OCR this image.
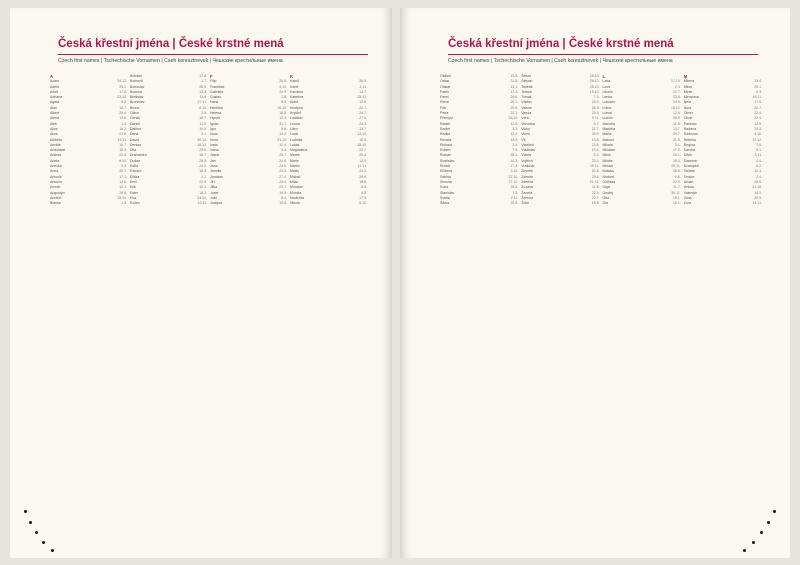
Česká křestní jména | České krstné mená
Czech first names | Tschechische Vornamen | Cseh keresztnevek | Чешские крестильные имена
A
Adam	24.12.
Adéla	25.1.
Adolf	17.6.
Adriana	23.10.
Agáta	5.2.
Alan	16.7.
Albert	20.4.
Alena	13.8.
Aleš	1.4.
Alice	16.2.
Alois	21.6.
Alžběta	19.11.
Amálie	10.7.
Anastázie	15.4.
Andrea	22.6.
Aneta	6.10.
Anežka	2.3.
Anna	26.7.
Antonie	17.1.
Antonín	13.6.
Arnošt	12.1.
Augustýn	28.8.
Aurelie	15.10.
Blanka	1.8.
Bohdan	17.8.
Bohumil	1.7.
Bohuslav	28.9.
Božena	13.3.
Břetislav	11.4.
Bronislav	27.11.
Bruno	6.10.
Ctibor	3.5.
Čeněk	18.7.
Daniel	11.9.
Dalibor	19.5.
Dana	3.1.
David	30.12.
Denisa	16.12.
Dita	29.6.
Drahomíra	18.7.
Dušan	28.5.
Edita	24.2.
Eduard	18.3.
Eliška	1.1.
Emil	22.5.
Erik	10.1.
Ester	15.3.
Eva	24.12.
Evžen	13.11.
F
Filip	26.5.
František	4.10.
Gabriela	24.9.
Gustav	2.8.
Hana	5.3.
Hedvika	16.10.
Helena	18.8.
Hynek	12.3.
Ignác	31.7.
Igor	5.6.
Ilona	13.2.
Irena	21.10.
Iveta	12.4.
Ivana	4.4.
Jakub	25.7.
Jan	24.6.
Jana	24.5.
Jarmila	24.3.
Jaroslav	27.4.
Jiří	24.4.
Jitka	23.7.
Josef	19.3.
Julie	8.4.
Justýna	19.6.
K
Kamil	26.9.
Karel	4.11.
Karolína	14.7.
Kateřina	25.11.
Klára	12.8.
Kristýna	24.7.
Kryštof	24.7.
Ladislav	27.6.
Leona	24.3.
Libor	13.7.
Lucie	13.12.
Ludmila	16.9.
Lukáš	18.10.
Magdaléna	22.7.
Marek	25.4.
Marie	12.9.
Martin	11.11.
Matěj	24.2.
Michal	29.9.
Milan	18.6.
Miroslav	6.3.
Monika	4.5.
Naděžda	17.9.
Nikola	6.12.
Česká křestní jména | České krstné mená
Czech first names | Tschechische Vornamen | Cseh keresztnevek | Чешские крестильные имена
Oldřich	15.8.
Oskar	31.5.
Otakar	13.1.
Patrik	17.3.
Pavel	29.6.
Pavla	26.1.
Petr	29.6.
Petra	22.2.
Přemysl	26.10.
Radek	12.6.
Radim	3.3.
Radka	12.2.
Renata	14.9.
Richard	3.4.
Robert	7.6.
Roman	28.2.
Rostislav	10.3.
Rudolf	17.4.
Růžena	3.10.
Sabina	27.10.
Simona	27.10.
Soňa	29.4.
Stanislav	7.5.
Světla	2.11.
Šárka	29.8.
Šimon	28.10.
Štěpán	26.12.
Tadeáš	28.10.
Tereza	15.10.
Tomáš	7.3.
Václav	28.9.
Valerie	26.3.
Vanda	23.5.
Věra	9.11.
Veronika	9.7.
Viktor	21.7.
Vilém	28.5.
Vít	15.6.
Vladimír	23.5.
Vladislav	15.4.
Vlasta	9.2.
Vojtěch	23.4.
Vratislav	15.11.
Zbyněk	20.8.
Zdeněk	23.6.
Zdeňka	21.12.
Zuzana	11.8.
Žaneta	22.3.
Želmíra	22.7.
Žofie	15.5.
L
Lada	17.10.
Leoš	2.4.
Libuše	12.7.
Lenka	23.8.
Lubomír	14.9.
Lubor	15.12.
Luboš	12.5.
Ludvík	25.8.
Marcela	11.5.
Markéta	13.7.
Marta	29.7.
Matouš	21.9.
Milada	3.1.
Miloslav	17.2.
Miloš	25.1.
Miluše	28.4.
Miriam	20.11.
Nataša	26.8.
Norbert	6.6.
Oldřiška	22.9.
Olga	11.7.
Ondřej	30.11.
Otto	16.1.
Ota	16.1.
M
Milena	13.4.
Miloš	25.1.
Mirek	6.3.
Miroslava	16.11.
Nela	17.5.
Nora	20.7.
Oliver	22.4.
Olivie	22.4.
Pankrác	12.5.
Radana	29.3.
Radovan	4.10.
Rebeka	12.12.
Regína	7.9.
Sandra	5.1.
Silvie	3.11.
Slavomír	4.4.
Svatopluk	8.2.
Taťána	12.1.
Teodor	2.4.
Urban	25.5.
Uršula	21.10.
Valentýn	14.2.
Viola	25.9.
Zora	14.11.
